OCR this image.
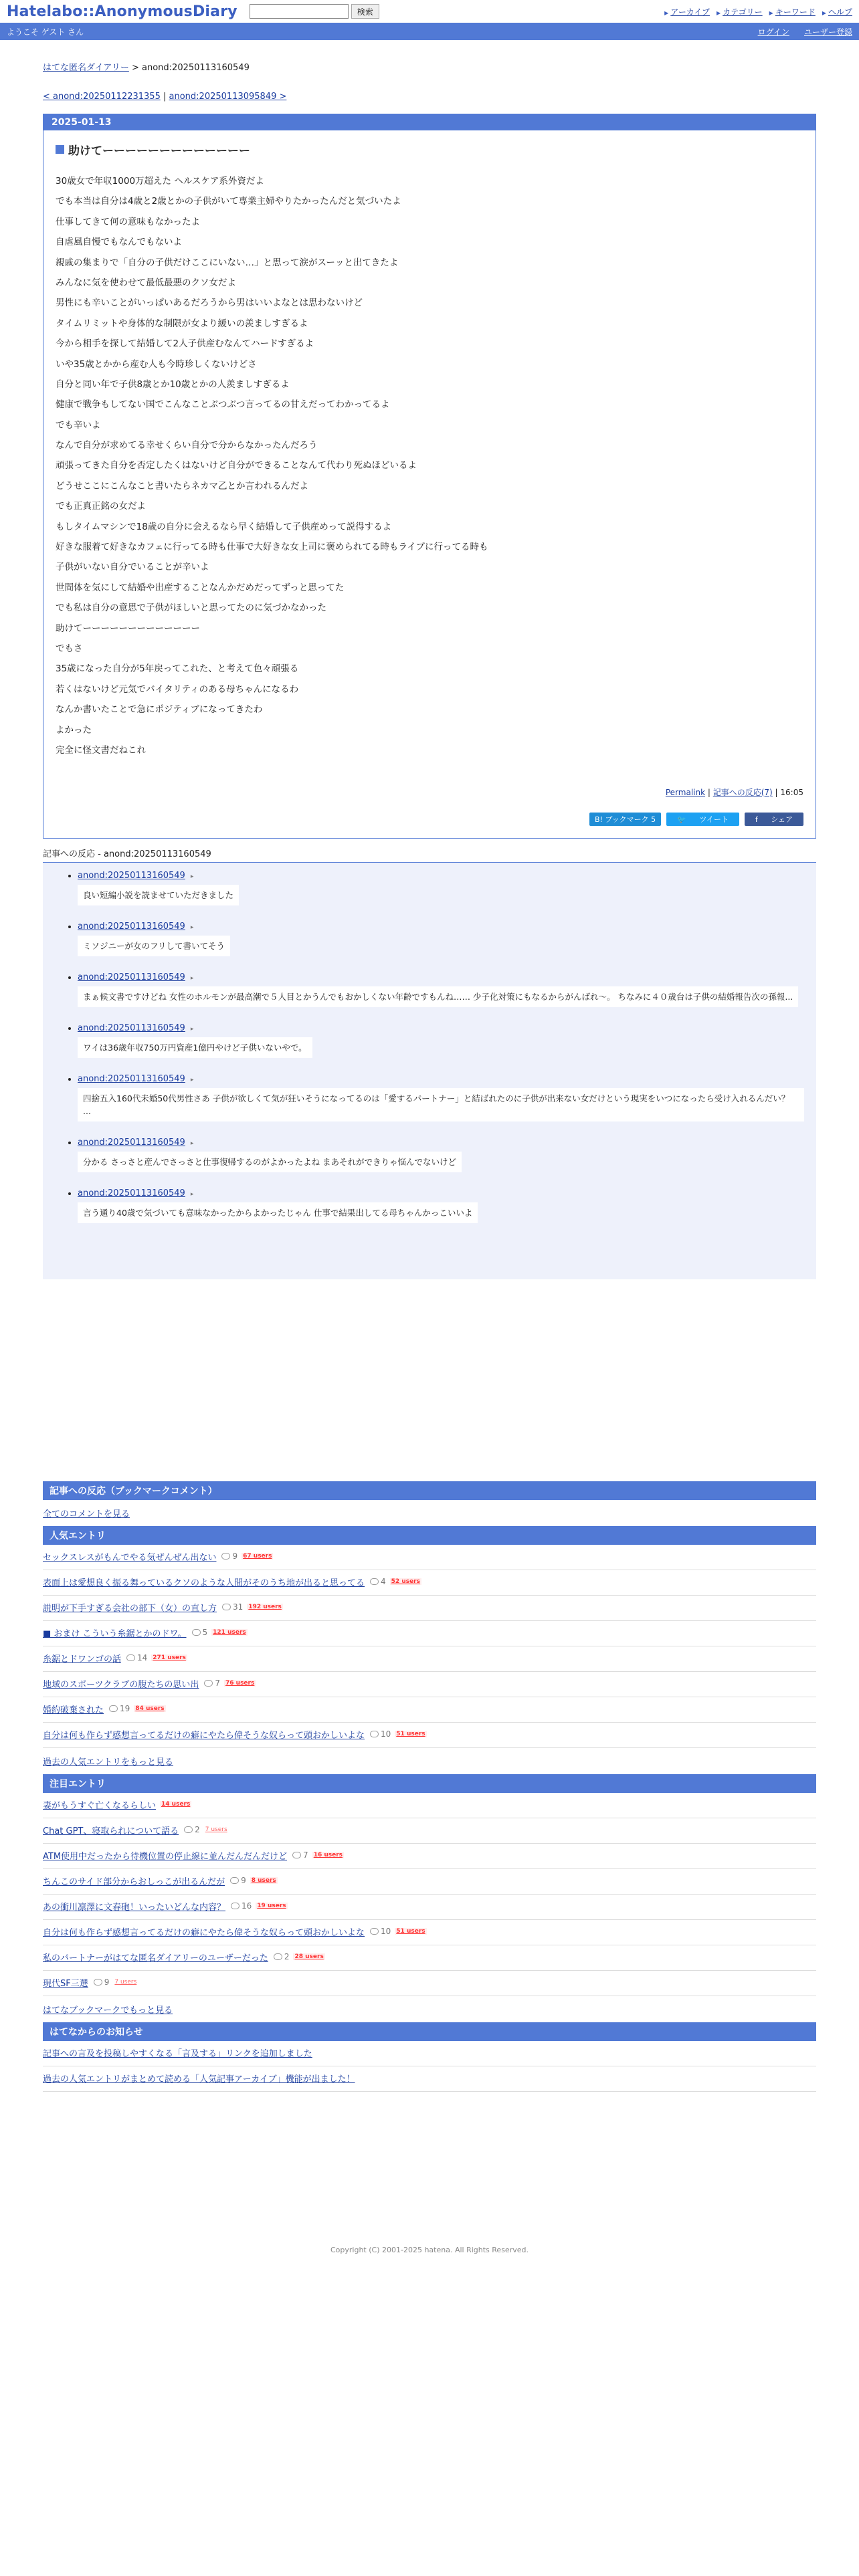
Hatelabo::AnonymousDiary	検索	▶ アーカイブ	▶ カテゴリー	▶ キーワード	▶ ヘルプ
ようこそ ゲスト さん	ログイン ユーザー登録
はてな匿名ダイアリー > anond:20250113160549
< anond:20250112231355 | anond:20250113095849 >
2025-01-13
助けてーーーーーーーーーーーーー

30歳女で年収1000万超えた ヘルスケア系外資だよ

でも本当は自分は4歳と2歳とかの子供がいて専業主婦やりたかったんだと気づいたよ

仕事してきて何の意味もなかったよ

自虐風自慢でもなんでもないよ

親戚の集まりで「自分の子供だけここにいない…」と思って涙がスーッと出てきたよ

みんなに気を使わせて最低最悪のクソ女だよ

男性にも辛いことがいっぱいあるだろうから男はいいよなとは思わないけど

タイムリミットや身体的な制限が女より緩いの羨ましすぎるよ

今から相手を探して結婚して2人子供産むなんてハードすぎるよ

いや35歳とかから産む人も今時珍しくないけどさ

自分と同い年で子供8歳とか10歳とかの人羨ましすぎるよ

健康で戦争もしてない国でこんなことぶつぶつ言ってるの甘えだってわかってるよ

でも辛いよ

なんで自分が求めてる幸せくらい自分で分からなかったんだろう

頑張ってきた自分を否定したくはないけど自分ができることなんて代わり死ぬほどいるよ

どうせここにこんなこと書いたらネカマ乙とか言われるんだよ

でも正真正銘の女だよ

もしタイムマシンで18歳の自分に会えるなら早く結婚して子供産めって説得するよ

好きな服着て好きなカフェに行ってる時も仕事で大好きな女上司に褒められてる時もライブに行ってる時も

子供がいない自分でいることが辛いよ

世間体を気にして結婚や出産することなんかだめだってずっと思ってた

でも私は自分の意思で子供がほしいと思ってたのに気づかなかった

助けてーーーーーーーーーーーーー

でもさ

35歳になった自分が5年戻ってこれた、と考えて色々頑張る

若くはないけど元気でバイタリティのある母ちゃんになるわ

なんか書いたことで急にポジティブになってきたわ

よかった

完全に怪文書だねこれ

Permalink | 記事への反応(7) | 16:05
B! ブックマーク 5	🐦 ツイート	f シェア
記事への反応 - anond:20250113160549
• anond:20250113160549 ▸
良い短編小説を読ませていただきました
• anond:20250113160549 ▸
ミソジニーが女のフリして書いてそう
• anond:20250113160549 ▸
まぁ候文書ですけどね 女性のホルモンが最高潮で５人目とかうんでもおかしくない年齢ですもんね…… 少子化対策にもなるからがんばれ〜。 ちなみに４０歳台は子供の結婚報告次の孫報...
• anond:20250113160549 ▸
ワイは36歳年収750万円資産1億円やけど子供いないやで。
• anond:20250113160549 ▸
四捨五入160代未婚50代男性さあ 子供が欲しくて気が狂いそうになってるのは「愛するパートナー」と結ばれたのに子供が出来ない女だけという現実をいつになったら受け入れるんだい？ ...
• anond:20250113160549 ▸
分かる さっさと産んでさっさと仕事復帰するのがよかったよね まあそれができりゃ悩んでないけど
• anond:20250113160549 ▸
言う通り40歳で気づいても意味なかったからよかったじゃん 仕事で結果出してる母ちゃんかっこいいよ
記事への反応（ブックマークコメント）
全てのコメントを見る
人気エントリ
セックスレスがもんでやる気ぜんぜん出ない 9 67 users
表面上は愛想良く振る舞っているクソのような人間がそのうち地が出ると思ってる 4 52 users
説明が下手すぎる会社の部下（女）の直し方 31 192 users
■ おまけ こういう糸鋸とかのドワ。 5 121 users
糸鋸とドワンゴの話 14 271 users
地域のスポーツクラブの腹たちの思い出 7 76 users
婚約破棄された 19 84 users
自分は何も作らず感想言ってるだけの癖にやたら偉そうな奴らって頭おかしいよな 10 51 users
過去の人気エントリをもっと見る
注目エントリ
妻がもうすぐ亡くなるらしい 14 users
Chat GPT、寝取られについて語る 2 7 users
ATM使用中だったから待機位置の停止線に並んだんだんだけど 7 16 users
ちんこのサイド部分からおしっこが出るんだが 9 8 users
あの衝川凛澤に文春砲！いったいどんな内容？ 16 19 users
自分は何も作らず感想言ってるだけの癖にやたら偉そうな奴らって頭おかしいよな 10 51 users
私のパートナーがはてな匿名ダイアリーのユーザーだった 2 28 users
現代SF三選 9 7 users
はてなブックマークでもっと見る
はてなからのお知らせ
記事への言及を投稿しやすくなる「言及する」リンクを追加しました
過去の人気エントリがまとめて読める「人気記事アーカイブ」機能が出ました！
Copyright (C) 2001-2025 hatena. All Rights Reserved.
